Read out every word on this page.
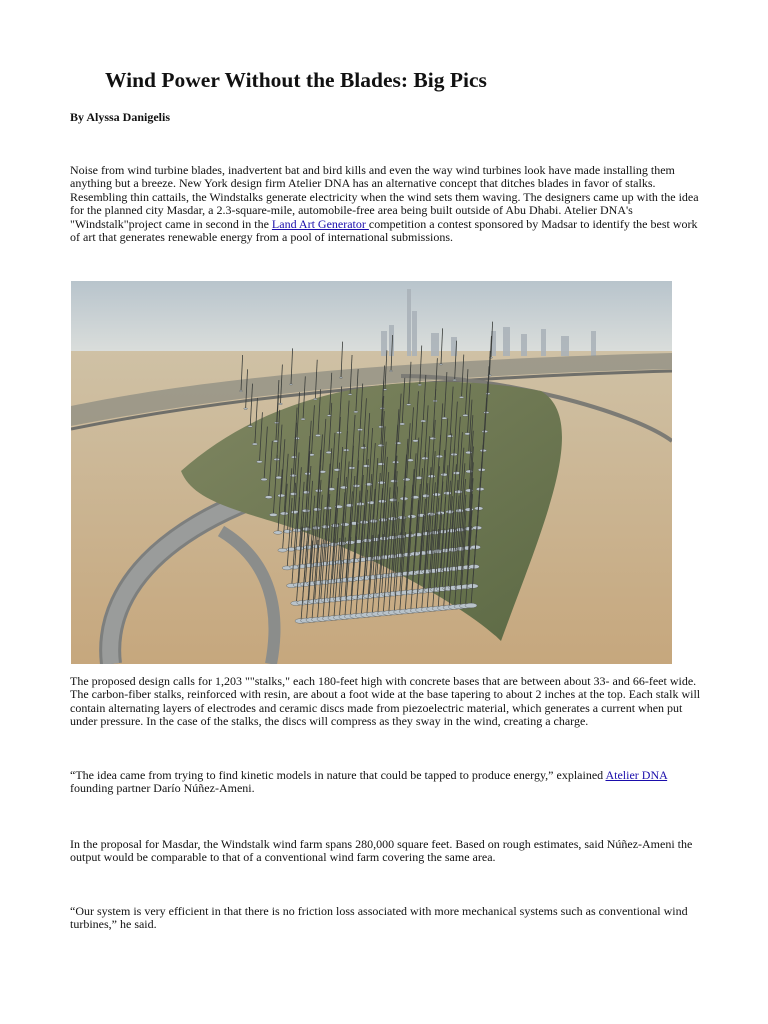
Wind Power Without the Blades: Big Pics

By Alyssa Danigelis

Noise from wind turbine blades, inadvertent bat and bird kills and even the way wind turbines look have made installing them anything but a breeze. New York design firm Atelier DNA has an alternative concept that ditches blades in favor of stalks. Resembling thin cattails, the Windstalks generate electricity when the wind sets them waving. The designers came up with the idea for the planned city Masdar, a 2.3-square-mile, automobile-free area being built outside of Abu Dhabi. Atelier DNA's "Windstalk"project came in second in the Land Art Generator competition a contest sponsored by Madsar to identify the best work of art that generates renewable energy from a pool of international submissions.

The proposed design calls for 1,203 ""stalks," each 180-feet high with concrete bases that are between about 33- and 66-feet wide. The carbon-fiber stalks, reinforced with resin, are about a foot wide at the base tapering to about 2 inches at the top. Each stalk will contain alternating layers of electrodes and ceramic discs made from piezoelectric material, which generates a current when put under pressure. In the case of the stalks, the discs will compress as they sway in the wind, creating a charge.

“The idea came from trying to find kinetic models in nature that could be tapped to produce energy,” explained Atelier DNA founding partner Darío Núñez-Ameni.

In the proposal for Masdar, the Windstalk wind farm spans 280,000 square feet. Based on rough estimates, said Núñez-Ameni the output would be comparable to that of a conventional wind farm covering the same area.

“Our system is very efficient in that there is no friction loss associated with more mechanical systems such as conventional wind turbines,” he said.
